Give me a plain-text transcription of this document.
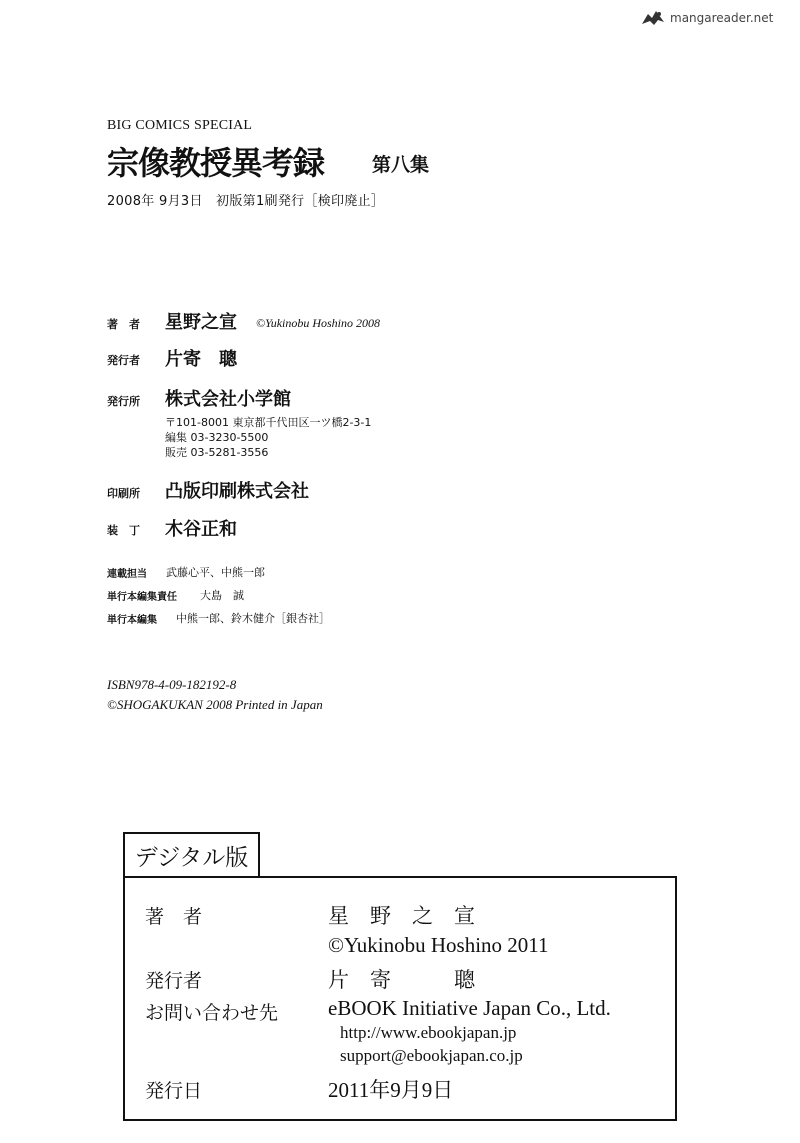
mangareader.net
BIG COMICS SPECIAL
宗像教授異考録	第八集
2008年 9月3日　初版第1刷発行［検印廃止］
著　者 星野之宣 ©Yukinobu Hoshino 2008
発行者 片寄　聰
発行所 株式会社小学館
〒101-8001 東京都千代田区一ツ橋2-3-1
編集 03-3230-5500
販売 03-5281-3556
印刷所 凸版印刷株式会社
装　丁 木谷正和
連載担当 武藤心平、中熊一郎
単行本編集責任 大島　誠
単行本編集 中熊一郎、鈴木健介［銀杏社］
ISBN978-4-09-182192-8
©SHOGAKUKAN 2008 Printed in Japan
デジタル版
著　者	星　野　之　宣
©Yukinobu Hoshino 2011
発行者	片　寄　　　聰
お問い合わせ先 eBOOK Initiative Japan Co., Ltd.
http://www.ebookjapan.jp
support@ebookjapan.co.jp
発行日	2011年9月9日
